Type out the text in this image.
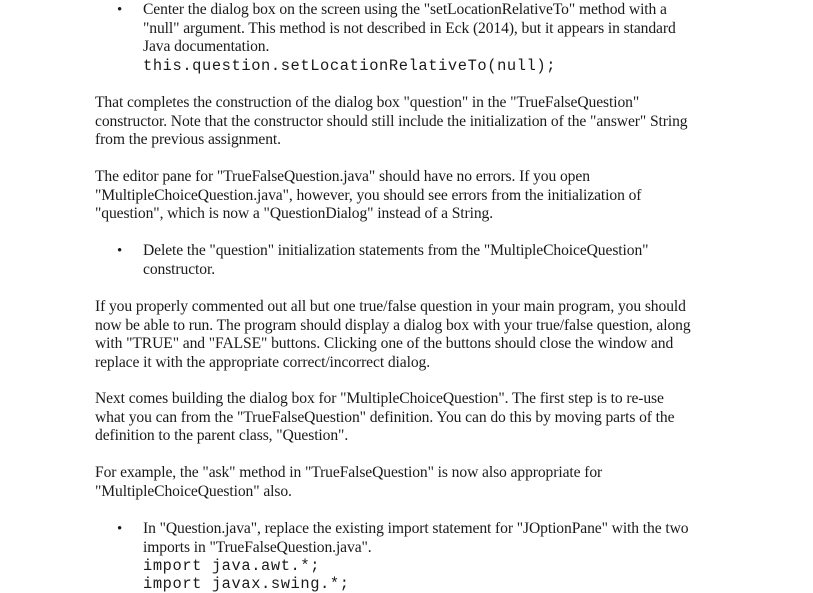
• Center the dialog box on the screen using the "setLocationRelativeTo" method with a
"null" argument. This method is not described in Eck (2014), but it appears in standard
Java documentation.
this.question.setLocationRelativeTo(null);
That completes the construction of the dialog box "question" in the "TrueFalseQuestion"
constructor. Note that the constructor should still include the initialization of the "answer" String
from the previous assignment.
The editor pane for "TrueFalseQuestion.java" should have no errors. If you open
"MultipleChoiceQuestion.java", however, you should see errors from the initialization of
"question", which is now a "QuestionDialog" instead of a String.
• Delete the "question" initialization statements from the "MultipleChoiceQuestion"
constructor.
If you properly commented out all but one true/false question in your main program, you should
now be able to run. The program should display a dialog box with your true/false question, along
with "TRUE" and "FALSE" buttons. Clicking one of the buttons should close the window and
replace it with the appropriate correct/incorrect dialog.
Next comes building the dialog box for "MultipleChoiceQuestion". The first step is to re-use
what you can from the "TrueFalseQuestion" definition. You can do this by moving parts of the
definition to the parent class, "Question".
For example, the "ask" method in "TrueFalseQuestion" is now also appropriate for
"MultipleChoiceQuestion" also.
• In "Question.java", replace the existing import statement for "JOptionPane" with the two
imports in "TrueFalseQuestion.java".
import java.awt.*;
import javax.swing.*;
